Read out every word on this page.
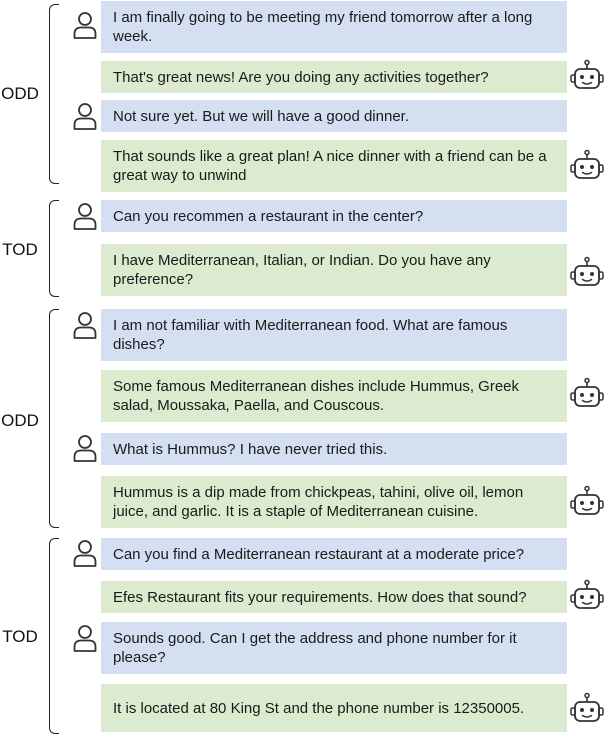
ODD
TOD
ODD
TOD
I am finally going to be meeting my friend tomorrow after a long week.
That's great news! Are you doing any activities together?
Not sure yet. But we will have a good dinner.
That sounds like a great plan! A nice dinner with a friend can be a great way to unwind
Can you recommen a restaurant in the center?
I have Mediterranean, Italian, or Indian. Do you have any preference?
I am not familiar with Mediterranean food. What are famous dishes?
Some famous Mediterranean dishes include Hummus, Greek salad, Moussaka, Paella, and Couscous.
What is Hummus? I have never tried this.
Hummus is a dip made from chickpeas, tahini, olive oil, lemon juice, and garlic. It is a staple of Mediterranean cuisine.
Can you find a Mediterranean restaurant at a moderate price?
Efes Restaurant fits your requirements. How does that sound?
Sounds good. Can I get the address and phone number for it please?
It is located at 80 King St and the phone number is 12350005.
